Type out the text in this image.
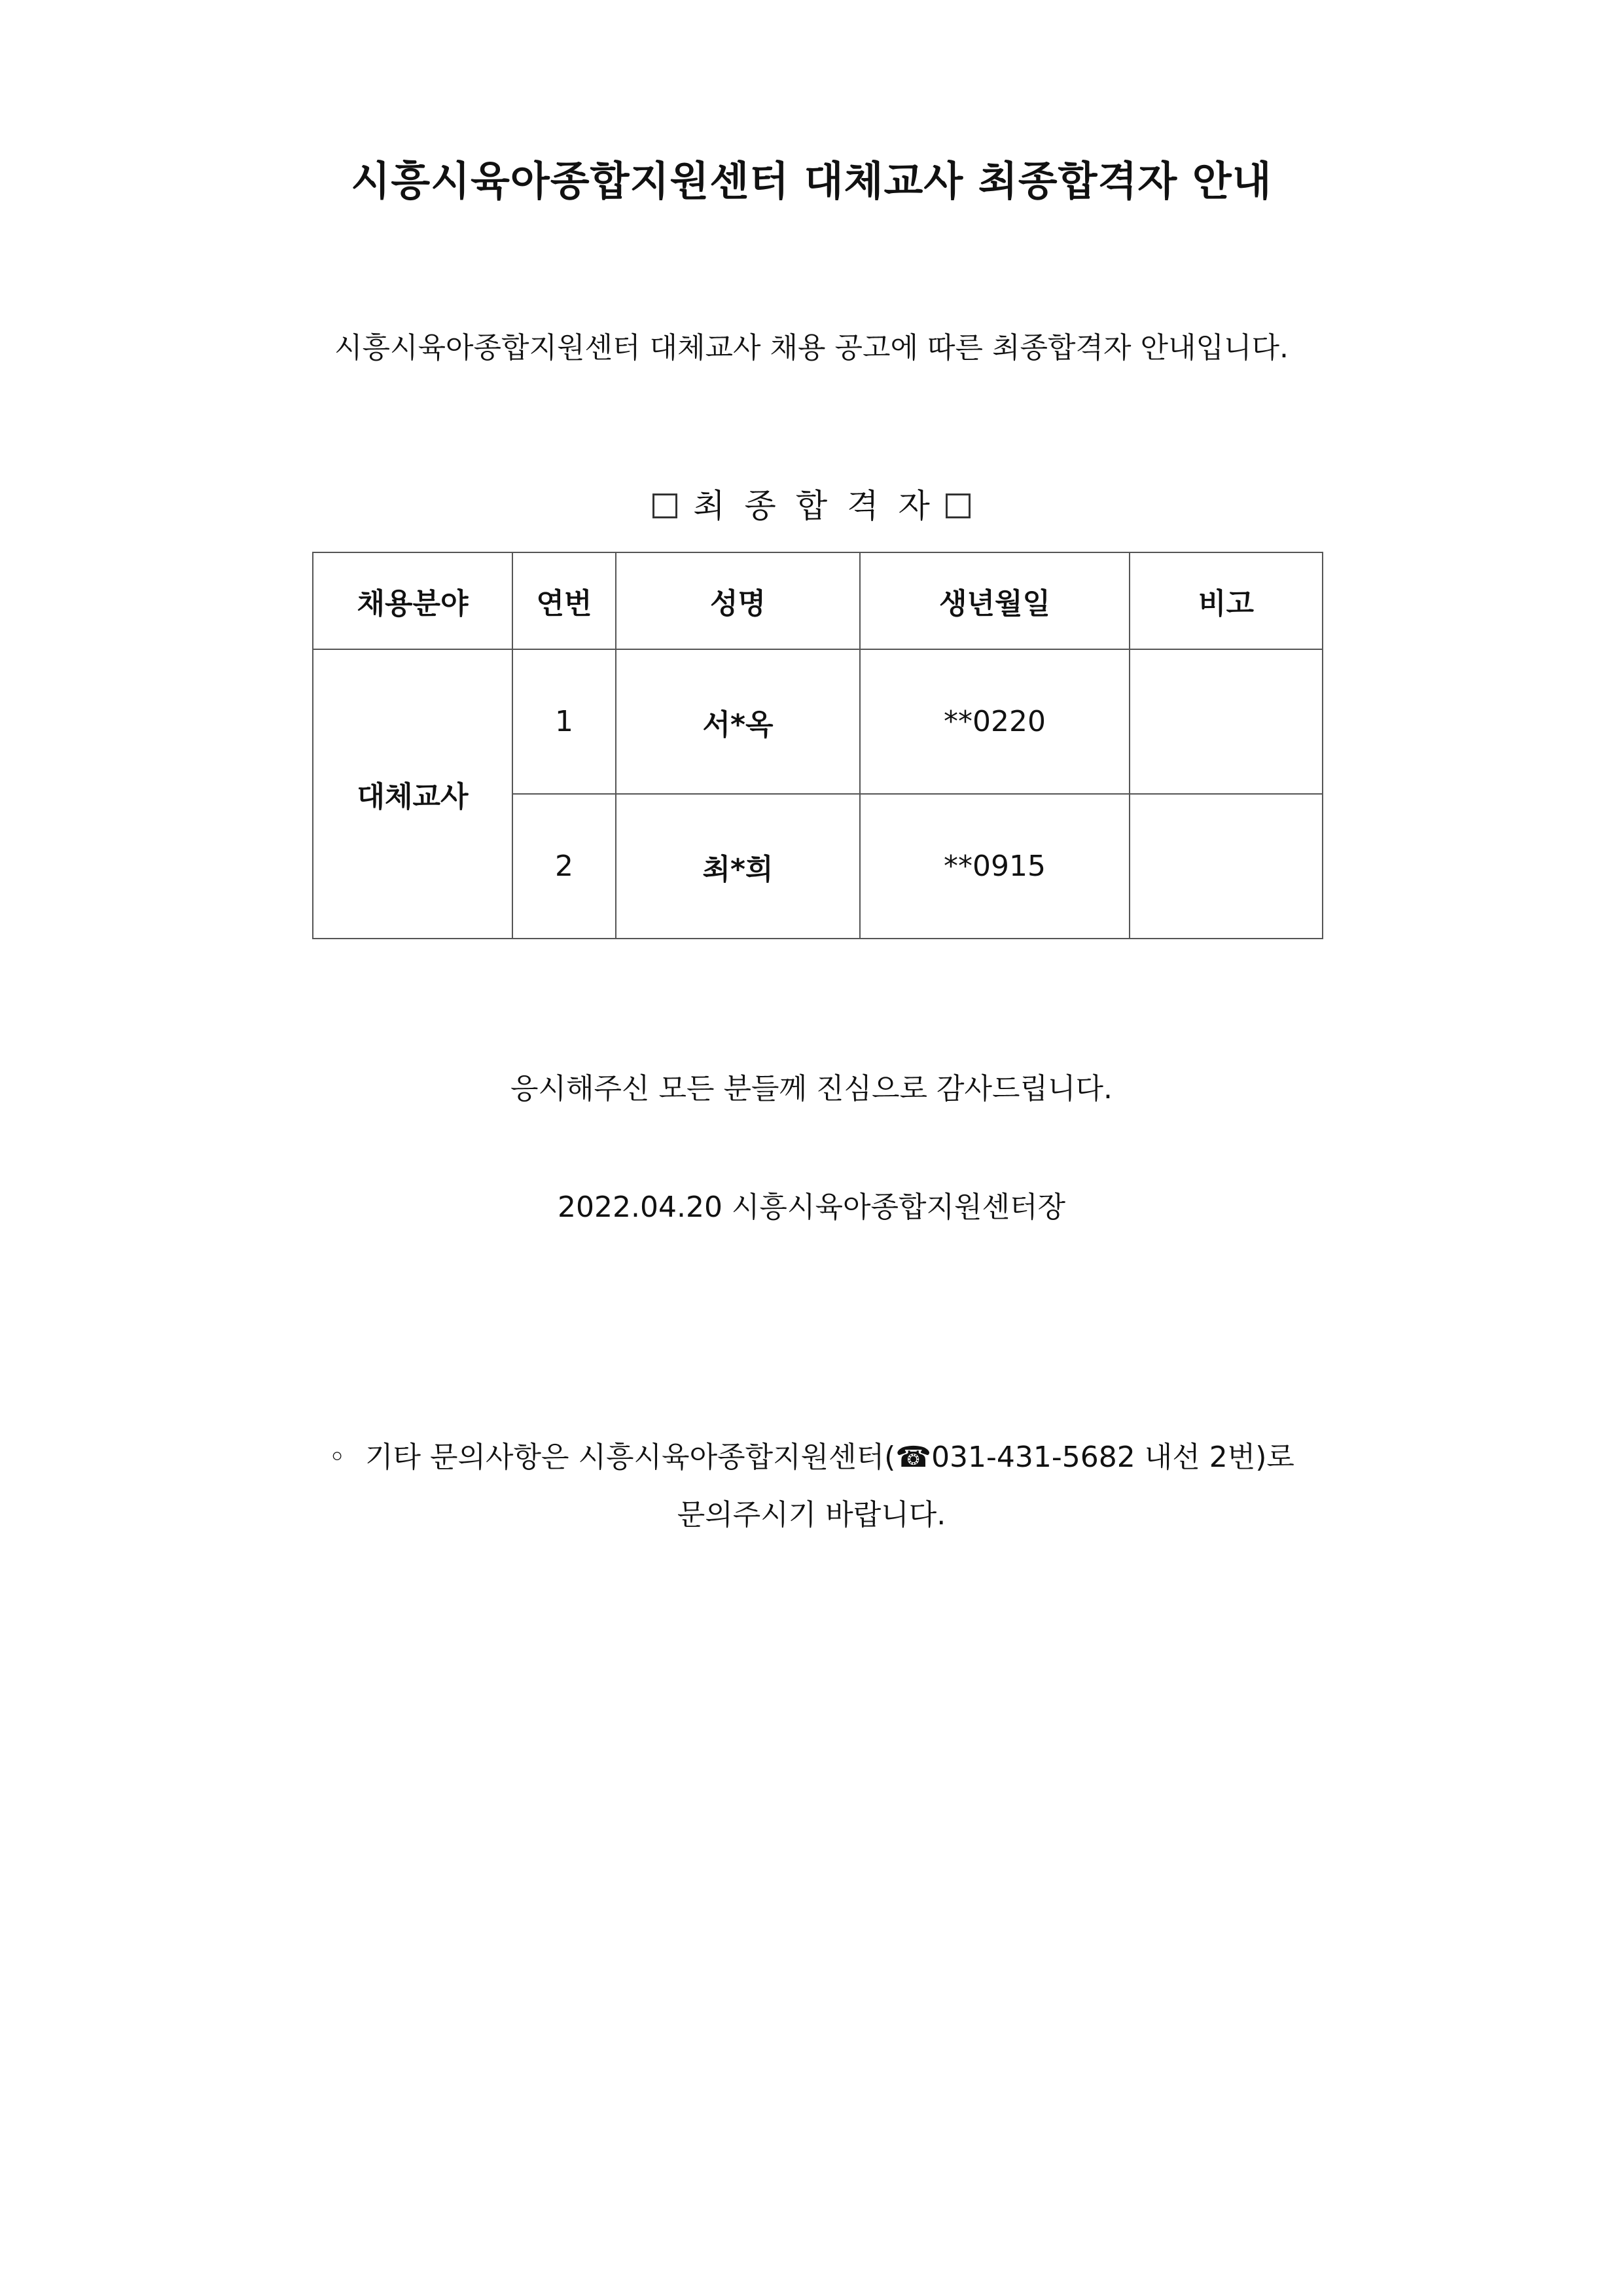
시흥시육아종합지원센터 대체교사 최종합격자 안내
시흥시육아종합지원센터 대체교사 채용 공고에 따른 최종합격자 안내입니다.
최종합격자
채용분야	연번	성명	생년월일	비고
대체교사	1	서*옥	**0220	
	2	최*희	**0915	
응시해주신 모든 분들께 진심으로 감사드립니다.
2022.04.20 시흥시육아종합지원센터장
◦ 기타 문의사항은 시흥시육아종합지원센터(☎031-431-5682 내선 2번)로
문의주시기 바랍니다.
